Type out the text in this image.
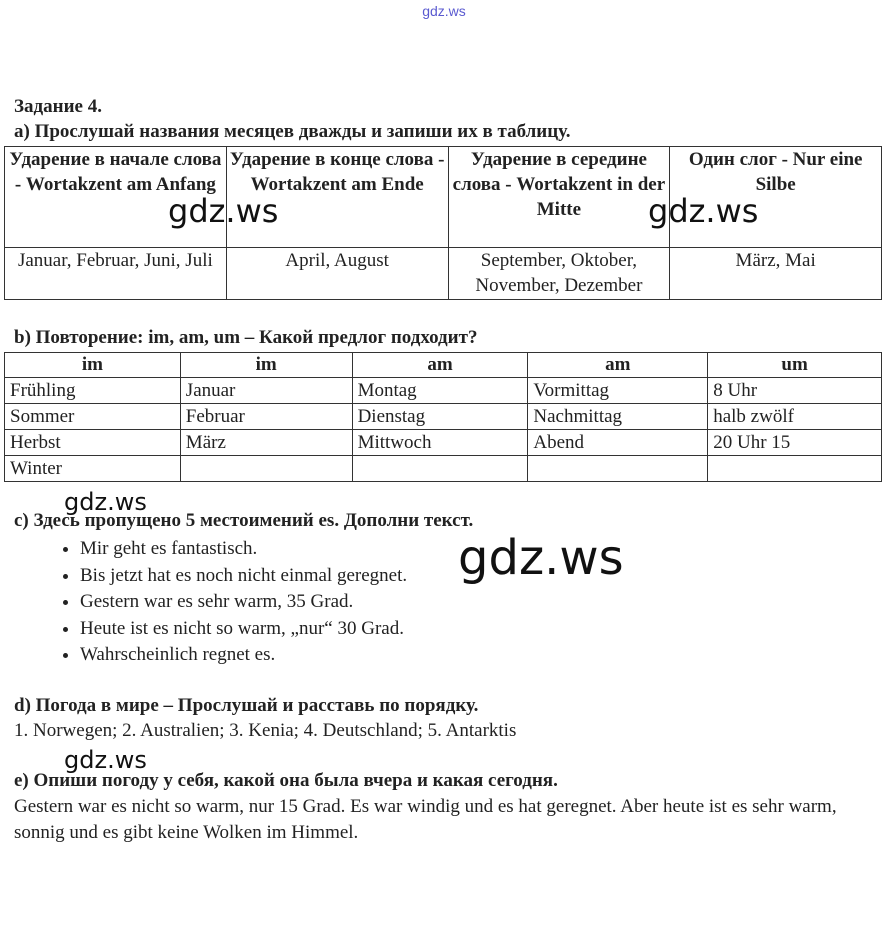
gdz.ws
Задание 4.
a) Прослушай названия месяцев дважды и запиши их в таблицу.
Ударение в начале слова - Wortakzent am Anfang	Ударение в конце слова - Wortakzent am Ende	Ударение в середине слова - Wortakzent in der Mitte	Один слог - Nur eine Silbe
Januar, Februar, Juni, Juli	April, August	September, Oktober, November, Dezember	März, Mai
b) Повторение: im, am, um – Какой предлог подходит?
im	im	am	am	um
Frühling	Januar	Montag	Vormittag	8 Uhr
Sommer	Februar	Dienstag	Nachmittag	halb zwölf
Herbst	März	Mittwoch	Abend	20 Uhr 15
Winter				
c) Здесь пропущено 5 местоимений es. Дополни текст.
• Mir geht es fantastisch.
• Bis jetzt hat es noch nicht einmal geregnet.
• Gestern war es sehr warm, 35 Grad.
• Heute ist es nicht so warm, „nur“ 30 Grad.
• Wahrscheinlich regnet es.
d) Погода в мире – Прослушай и расставь по порядку.
1. Norwegen; 2. Australien; 3. Kenia; 4. Deutschland; 5. Antarktis
e) Опиши погоду у себя, какой она была вчера и какая сегодня.
Gestern war es nicht so warm, nur 15 Grad. Es war windig und es hat geregnet. Aber heute ist es sehr warm, sonnig und es gibt keine Wolken im Himmel.
gdz.ws	gdz.ws
gdz.ws
gdz.ws
gdz.ws
